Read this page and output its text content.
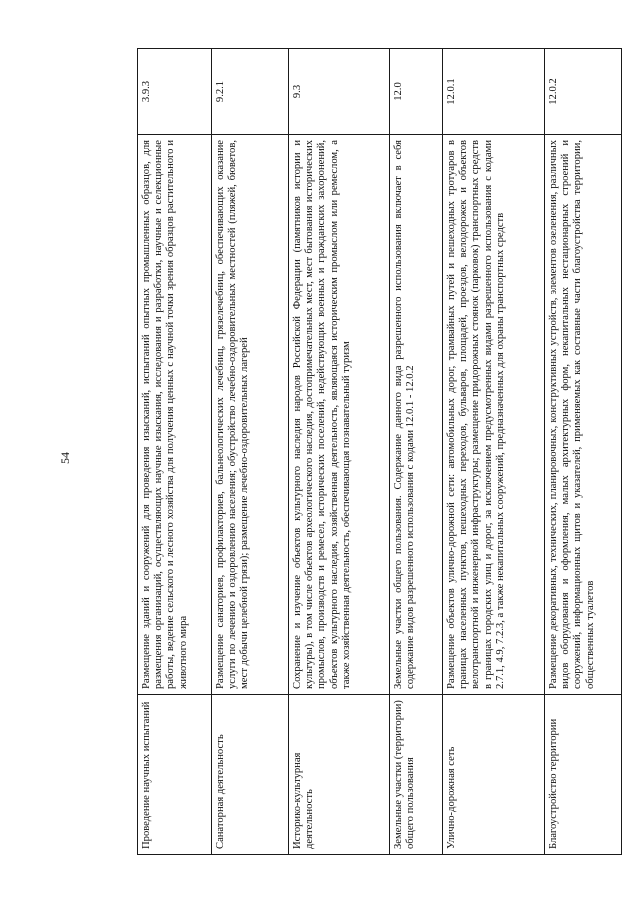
54
Проведение научных испытаний	Размещение зданий и сооружений для проведения изысканий, испытаний опытных промышленных образцов, для размещения организаций, осуществляющих научные изыскания, исследования и разработки, научные и селекционные работы, ведение сельского и лесного хозяйства для получения ценных с научной точки зрения образцов растительного и животного мира	3.9.3
Санаторная деятельность	Размещение санаториев, профилакториев, бальнеологических лечебниц, грязелечебниц, обеспечивающих оказание услуги по лечению и оздоровлению населения; обустройство лечебно-оздоровительных местностей (пляжей, бюветов, мест добычи целебной грязи); размещение лечебно-оздоровительных лагерей	9.2.1
Историко-культурная деятельность	Сохранение и изучение объектов культурного наследия народов Российской Федерации (памятников истории и культуры), в том числе объектов археологического наследия, достопримечательных мест, мест бытования исторических промыслов, производств и ремесел, исторических поселений, недействующих военных и гражданских захоронений, объектов культурного наследия, хозяйственная деятельность, являющаяся историческим промыслом или ремеслом, а также хозяйственная деятельность, обеспечивающая познавательный туризм	9.3
Земельные участки (территории) общего пользования	Земельные участки общего пользования. Содержание данного вида разрешенного использования включает в себя содержание видов разрешенного использования с кодами 12.0.1 - 12.0.2	12.0
Улично-дорожная сеть	Размещение объектов улично-дорожной сети: автомобильных дорог, трамвайных путей и пешеходных тротуаров в границах населенных пунктов, пешеходных переходов, бульваров, площадей, проездов, велодорожек и объектов велотранспортной и инженерной инфраструктуры; размещение придорожных стоянок (парковок) транспортных средств в границах городских улиц и дорог, за исключением предусмотренных видами разрешенного использования с кодами 2.7.1, 4.9, 7.2.3, а также некапитальных сооружений, предназначенных для охраны транспортных средств	12.0.1
Благоустройство территории	Размещение декоративных, технических, планировочных, конструктивных устройств, элементов озеленения, различных видов оборудования и оформления, малых архитектурных форм, некапитальных нестационарных строений и сооружений, информационных щитов и указателей, применяемых как составные части благоустройства территории, общественных туалетов	12.0.2
